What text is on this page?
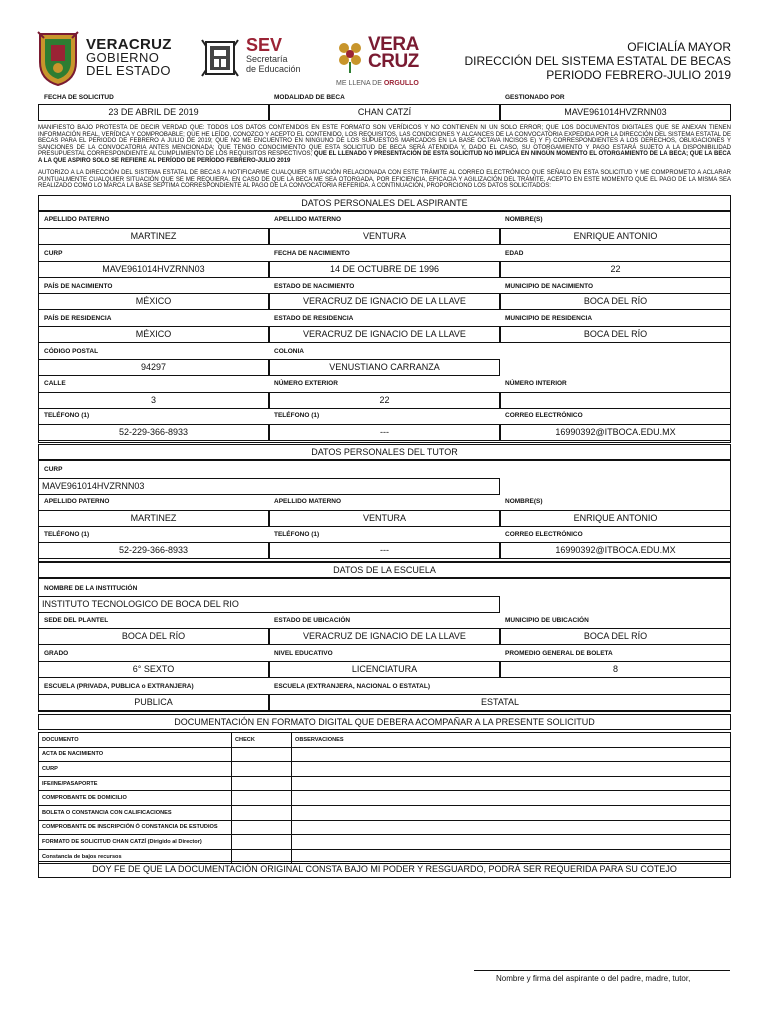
VERACRUZ
GOBIERNO
DEL ESTADO
SEV
Secretaría
de Educación
VERA
CRUZ
ME LLENA DE ORGULLO
OFICIALÍA MAYOR
DIRECCIÓN DEL SISTEMA ESTATAL DE BECAS
PERIODO FEBRERO-JULIO 2019
FECHA DE SOLICITUD	MODALIDAD DE BECA	GESTIONADO POR
23 DE ABRIL DE 2019	CHAN CATZÍ	MAVE961014HVZRNN03
MANIFIESTO BAJO PROTESTA DE DECIR VERDAD QUE: TODOS LOS DATOS CONTENIDOS EN ESTE FORMATO SON VERÍDICOS Y NO CONTIENEN NI UN SOLO ERROR; QUE LOS DOCUMENTOS DIGITALES QUE SE ANEXAN TIENEN INFORMACIÓN REAL, VERÍDICA Y COMPROBABLE; QUE HE LEÍDO, CONOZCO Y ACEPTO EL CONTENIDO, LOS REQUISITOS, LAS CONDICIONES Y ALCANCES DE LA CONVOCATORIA EXPEDIDA POR LA DIRECCIÓN DEL SISTEMA ESTATAL DE BECAS PARA EL PERIODO DE FEBRERO A JULIO DE 2019; QUE NO ME ENCUENTRO EN NINGUNO DE LOS SUPUESTOS MARCADOS EN LA BASE OCTAVA INCISOS E) Y F) CORRESPONDIENTES A LOS DERECHOS, OBLIGACIONES Y SANCIONES DE LA CONVOCATORIA ANTES MENCIONADA; QUE TENGO CONOCIMIENTO QUE ESTA SOLICITUD DE BECA SERÁ ATENDIDA Y, DADO EL CASO, SU OTORGAMIENTO Y PAGO ESTARÁ SUJETO A LA DISPONIBILIDAD PRESUPUESTAL CORRESPONDIENTE AL CUMPLIMIENTO DE LOS REQUISITOS RESPECTIVOS; QUE EL LLENADO Y PRESENTACIÓN DE ESTA SOLICITUD NO IMPLICA EN NINGÚN MOMENTO EL OTORGAMIENTO DE LA BECA; QUE LA BECA A LA QUE ASPIRO SOLO SE REFIERE AL PERÍODO DE PERÍODO FEBRERO-JULIO 2019
AUTORIZO A LA DIRECCIÓN DEL SISTEMA ESTATAL DE BECAS A NOTIFICARME CUALQUIER SITUACIÓN RELACIONADA CON ESTE TRÁMITE AL CORREO ELECTRÓNICO QUE SEÑALO EN ESTA SOLICITUD Y ME COMPROMETO A ACLARAR PUNTUALMENTE CUALQUIER SITUACIÓN QUE SE ME REQUIERA. EN CASO DE QUE LA BECA ME SEA OTORGADA, POR EFICIENCIA, EFICACIA Y AGILIZACIÓN DEL TRÁMITE, ACEPTO EN ESTE MOMENTO QUE EL PAGO DE LA MISMA SEA REALIZADO COMO LO MARCA LA BASE SEPTIMA CORRESPONDIENTE AL PAGO DE LA CONVOCATORIA REFERIDA. A CONTINUACIÓN, PROPORCIONO LOS DATOS SOLICITADOS:
DATOS PERSONALES DEL ASPIRANTE
APELLIDO PATERNO	APELLIDO MATERNO	NOMBRE(S)
MARTINEZ	VENTURA	ENRIQUE ANTONIO
CURP	FECHA DE NACIMIENTO	EDAD
MAVE961014HVZRNN03	14 DE OCTUBRE DE 1996	22
PAÍS DE NACIMIENTO	ESTADO DE NACIMIENTO	MUNICIPIO DE NACIMIENTO
MÉXICO	VERACRUZ DE IGNACIO DE LA LLAVE	BOCA DEL RÍO
PAÍS DE RESIDENCIA	ESTADO DE RESIDENCIA	MUNICIPIO DE RESIDENCIA
MÉXICO	VERACRUZ DE IGNACIO DE LA LLAVE	BOCA DEL RÍO
CÓDIGO POSTAL	COLONIA
94297	VENUSTIANO CARRANZA
CALLE	NÚMERO EXTERIOR	NÚMERO INTERIOR
3	22
TELÉFONO (1)	TELÉFONO (1)	CORREO ELECTRÓNICO
52-229-366-8933	---	16990392@ITBOCA.EDU.MX
DATOS PERSONALES DEL TUTOR
CURP
MAVE961014HVZRNN03
APELLIDO PATERNO	APELLIDO MATERNO	NOMBRE(S)
MARTINEZ	VENTURA	ENRIQUE ANTONIO
TELÉFONO (1)	TELÉFONO (1)	CORREO ELECTRÓNICO
52-229-366-8933	---	16990392@ITBOCA.EDU.MX
DATOS DE LA ESCUELA
NOMBRE DE LA INSTITUCIÓN
INSTITUTO TECNOLOGICO DE BOCA DEL RIO
SEDE DEL PLANTEL	ESTADO DE UBICACIÓN	MUNICIPIO DE UBICACIÓN
BOCA DEL RÍO	VERACRUZ DE IGNACIO DE LA LLAVE	BOCA DEL RÍO
GRADO	NIVEL EDUCATIVO	PROMEDIO GENERAL DE BOLETA
6° SEXTO	LICENCIATURA	8
ESCUELA (PRIVADA, PUBLICA o EXTRANJERA)	ESCUELA (EXTRANJERA, NACIONAL O ESTATAL)
PUBLICA	ESTATAL
DOCUMENTACIÓN EN FORMATO DIGITAL QUE DEBERA ACOMPAÑAR A LA PRESENTE SOLICITUD
DOCUMENTO	CHECK	OBSERVACIONES
ACTA DE NACIMIENTO		
CURP		
IFE/INE/PASAPORTE		
COMPROBANTE DE DOMICILIO		
BOLETA O CONSTANCIA CON CALIFICACIONES		
COMPROBANTE DE INSCRIPCIÓN Ó CONSTANCIA DE ESTUDIOS		
FORMATO DE SOLICITUD CHAN CATZÍ (Dirigido al Director)		
Constancia de bajos recursos		
DOY FE DE QUE LA DOCUMENTACIÓN ORIGINAL CONSTA BAJO MI PODER Y RESGUARDO, PODRÁ SER REQUERIDA PARA SU COTEJO
Nombre y firma del aspirante o del padre, madre, tutor,
